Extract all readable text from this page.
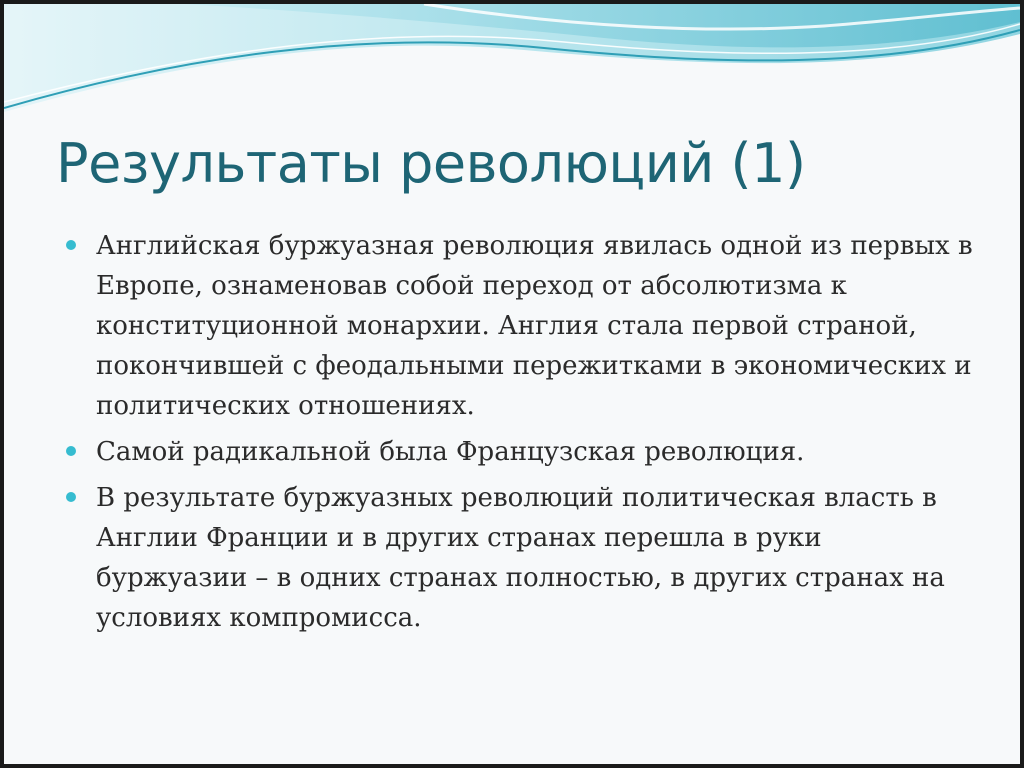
Результаты революций (1)
Английская буржуазная революция явилась одной из первых в Европе, ознаменовав собой переход от абсолютизма к конституционной монархии. Англия стала первой страной, покончившей с феодальными пережитками в экономических и политических отношениях.
Самой радикальной была Французская революция.
В результате буржуазных революций политическая власть в Англии Франции и в других странах перешла в руки буржуазии – в одних странах полностью, в других странах на условиях компромисса.
